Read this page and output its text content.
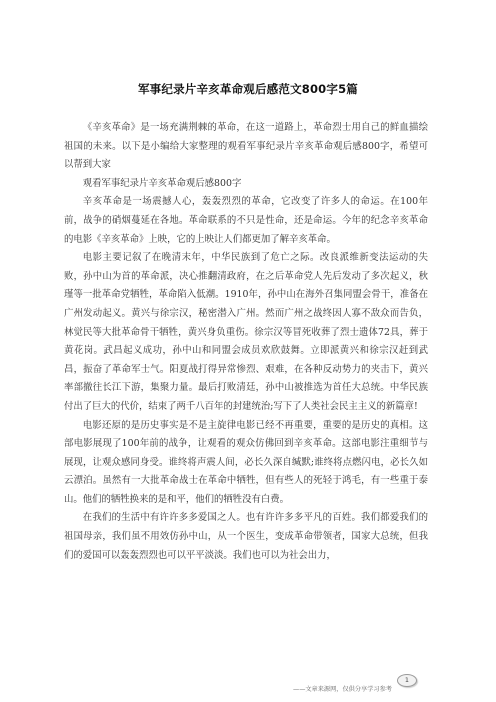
军事纪录片辛亥革命观后感范文800字5篇

《辛亥革命》是一场充满荆棘的革命，在这一道路上，革命烈士用自己的鲜血描绘祖国的未来。以下是小编给大家整理的观看军事纪录片辛亥革命观后感800字，希望可以帮到大家

观看军事纪录片辛亥革命观后感800字

辛亥革命是一场震撼人心，轰轰烈烈的革命，它改变了许多人的命运。在100年前，战争的硝烟蔓延在各地。革命联系的不只是性命，还是命运。今年的纪念辛亥革命的电影《辛亥革命》上映，它的上映让人们都更加了解辛亥革命。

电影主要记叙了在晚清末年，中华民族到了危亡之际。改良派维新变法运动的失败，孙中山为首的革命派，决心推翻清政府，在之后革命党人先后发动了多次起义，秋瑾等一批革命党牺牲，革命陷入低潮。1910年，孙中山在海外召集同盟会骨干，准备在广州发动起义。黄兴与徐宗汉，秘密潜入广州。然而广州之战终因人寡不敌众而告负，林觉民等大批革命骨干牺牲，黄兴身负重伤。徐宗汉等冒死收葬了烈士遗体72具，葬于黄花岗。武昌起义成功，孙中山和同盟会成员欢欣鼓舞。立即派黄兴和徐宗汉赶到武昌，振奋了革命军士气。阳夏战打得异常惨烈、艰难，在各种反动势力的夹击下，黄兴率部撤往长江下游，集聚力量。最后打败清廷，孙中山被推选为首任大总统。中华民族付出了巨大的代价，结束了两千八百年的封建统治;写下了人类社会民主主义的新篇章!

电影还原的是历史事实是不是主旋律电影已经不再重要，重要的是历史的真相。这部电影展现了100年前的战争，让观看的观众仿佛回到辛亥革命。这部电影注重细节与展现，让观众感同身受。谁终将声震人间，必长久深自缄默;谁终将点燃闪电，必长久如云漂泊。虽然有一大批革命战士在革命中牺牲，但有些人的死轻于鸿毛，有一些重于泰山。他们的牺牲换来的是和平，他们的牺牲没有白费。

在我们的生活中有许许多多爱国之人。也有许许多多平凡的百姓。我们都爱我们的祖国母亲，我们虽不用效仿孙中山，从一个医生，变成革命带领者，国家大总统，但我们的爱国可以轰轰烈烈也可以平平淡淡。我们也可以为社会出力，

1
——文章来源网，仅供分享学习参考
